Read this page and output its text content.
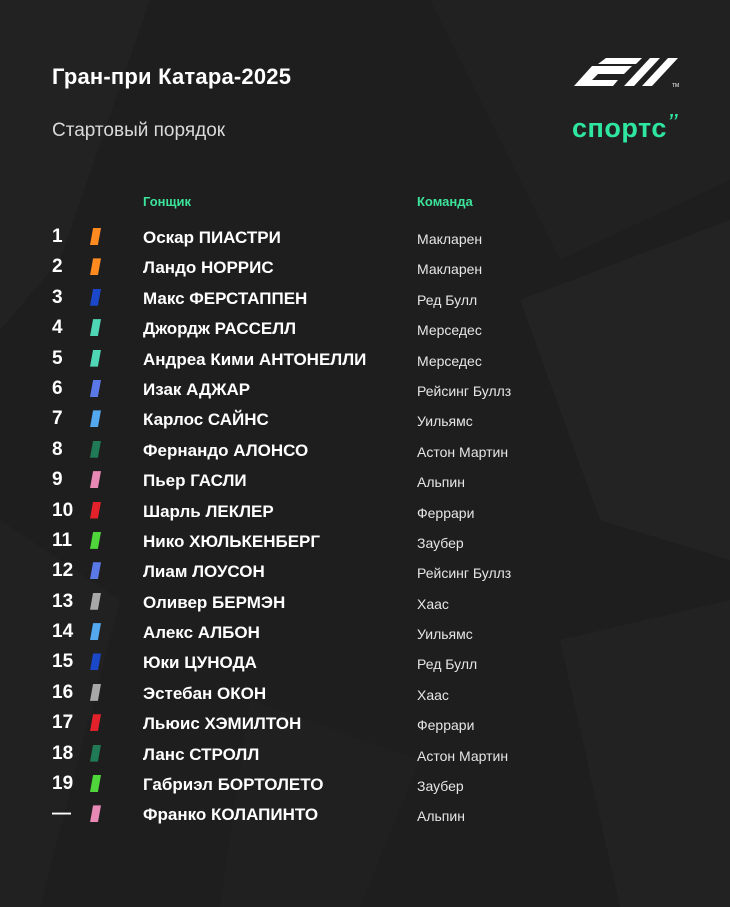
Гран-при Катара-2025
Стартовый порядок
TM
спортс ’’
Гонщик	Команда
1	Оскар ПИАСТРИ	Макларен
2	Ландо НОРРИС	Макларен
3	Макс ФЕРСТАППЕН	Ред Булл
4	Джордж РАССЕЛЛ	Мерседес
5	Андреа Кими АНТОНЕЛЛИ	Мерседес
6	Изак АДЖАР	Рейсинг Буллз
7	Карлос САЙНС	Уильямс
8	Фернандо АЛОНСО	Астон Мартин
9	Пьер ГАСЛИ	Альпин
10	Шарль ЛЕКЛЕР	Феррари
11	Нико ХЮЛЬКЕНБЕРГ	Заубер
12	Лиам ЛОУСОН	Рейсинг Буллз
13	Оливер БЕРМЭН	Хаас
14	Алекс АЛБОН	Уильямс
15	Юки ЦУНОДА	Ред Булл
16	Эстебан ОКОН	Хаас
17	Льюис ХЭМИЛТОН	Феррари
18	Ланс СТРОЛЛ	Астон Мартин
19	Габриэл БОРТОЛЕТО	Заубер
—	Франко КОЛАПИНТО	Альпин
